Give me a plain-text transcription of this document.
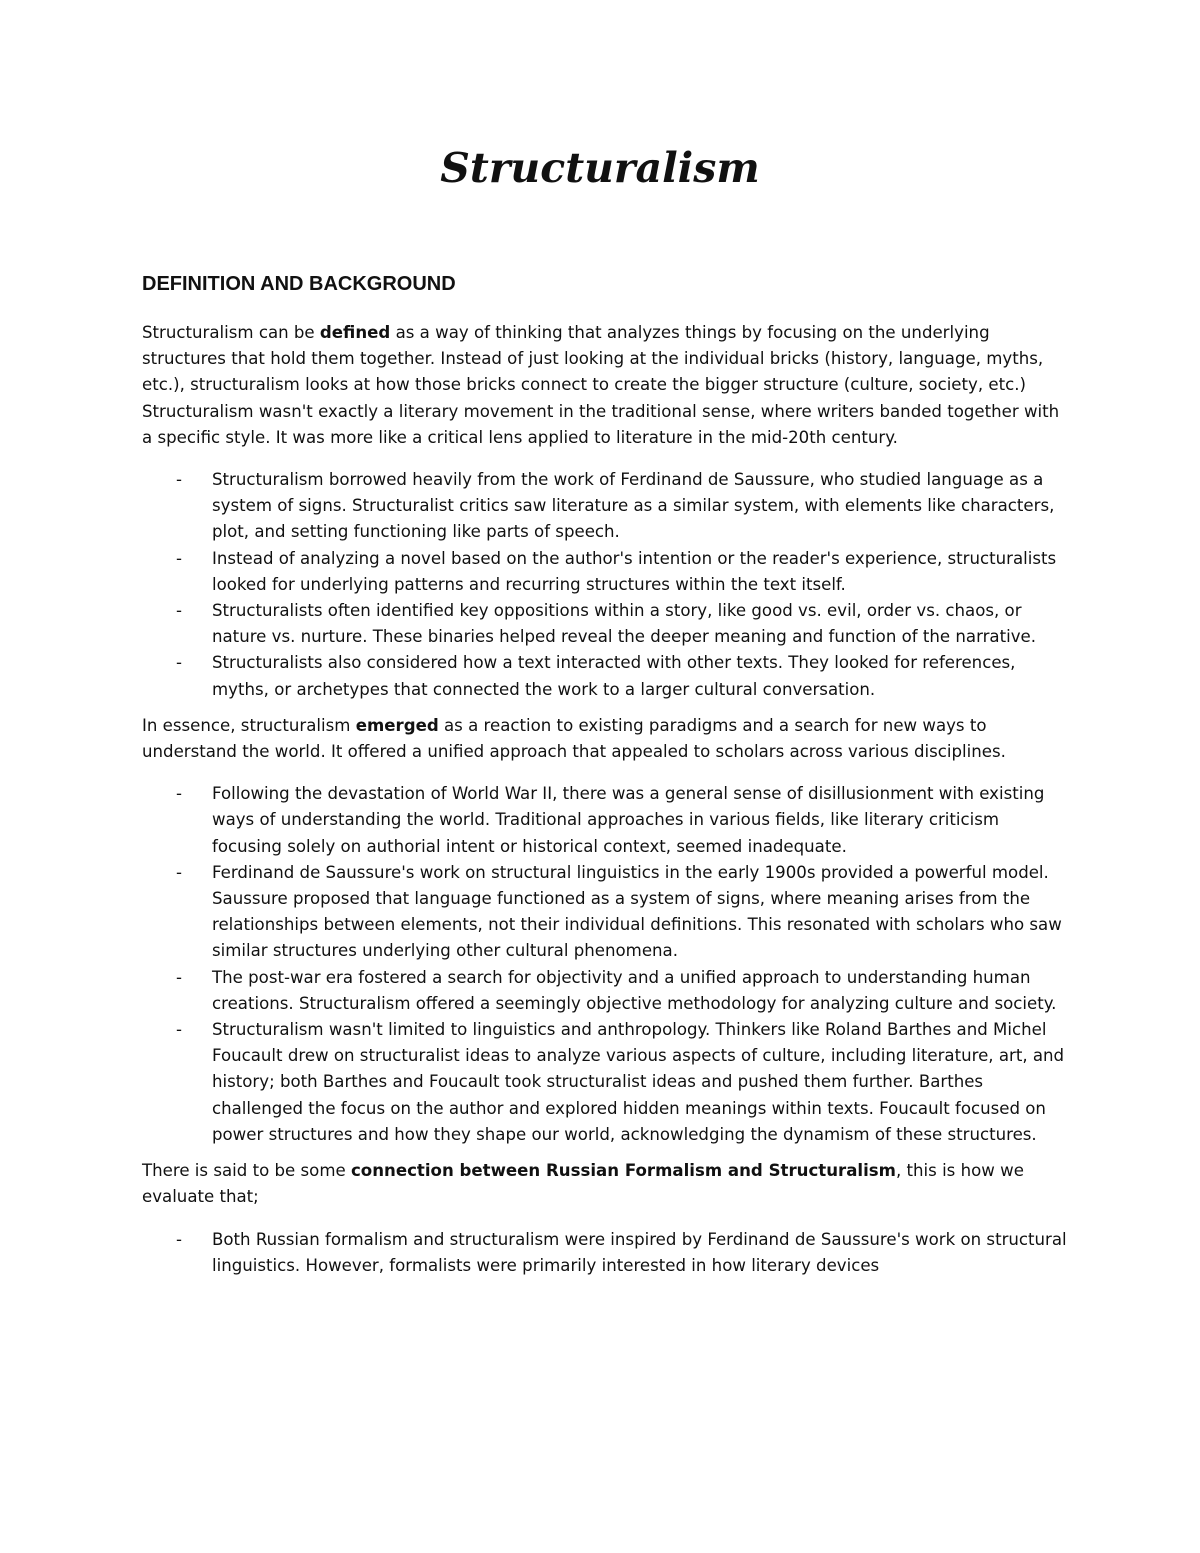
Structuralism
DEFINITION AND BACKGROUND

Structuralism can be defined as a way of thinking that analyzes things by focusing on the underlying structures that hold them together. Instead of just looking at the individual bricks (history, language, myths, etc.), structuralism looks at how those bricks connect to create the bigger structure (culture, society, etc.) Structuralism wasn't exactly a literary movement in the traditional sense, where writers banded together with a specific style. It was more like a critical lens applied to literature in the mid-20th century.

- Structuralism borrowed heavily from the work of Ferdinand de Saussure, who studied language as a system of signs. Structuralist critics saw literature as a similar system, with elements like characters, plot, and setting functioning like parts of speech.
- Instead of analyzing a novel based on the author's intention or the reader's experience, structuralists looked for underlying patterns and recurring structures within the text itself.
- Structuralists often identified key oppositions within a story, like good vs. evil, order vs. chaos, or nature vs. nurture. These binaries helped reveal the deeper meaning and function of the narrative.
- Structuralists also considered how a text interacted with other texts. They looked for references, myths, or archetypes that connected the work to a larger cultural conversation.

In essence, structuralism emerged as a reaction to existing paradigms and a search for new ways to understand the world. It offered a unified approach that appealed to scholars across various disciplines.

- Following the devastation of World War II, there was a general sense of disillusionment with existing ways of understanding the world. Traditional approaches in various fields, like literary criticism focusing solely on authorial intent or historical context, seemed inadequate.
- Ferdinand de Saussure's work on structural linguistics in the early 1900s provided a powerful model. Saussure proposed that language functioned as a system of signs, where meaning arises from the relationships between elements, not their individual definitions. This resonated with scholars who saw similar structures underlying other cultural phenomena.
- The post-war era fostered a search for objectivity and a unified approach to understanding human creations. Structuralism offered a seemingly objective methodology for analyzing culture and society.
- Structuralism wasn't limited to linguistics and anthropology. Thinkers like Roland Barthes and Michel Foucault drew on structuralist ideas to analyze various aspects of culture, including literature, art, and history; both Barthes and Foucault took structuralist ideas and pushed them further. Barthes challenged the focus on the author and explored hidden meanings within texts. Foucault focused on power structures and how they shape our world, acknowledging the dynamism of these structures.

There is said to be some connection between Russian Formalism and Structuralism, this is how we evaluate that;

- Both Russian formalism and structuralism were inspired by Ferdinand de Saussure's work on structural linguistics. However, formalists were primarily interested in how literary devices
